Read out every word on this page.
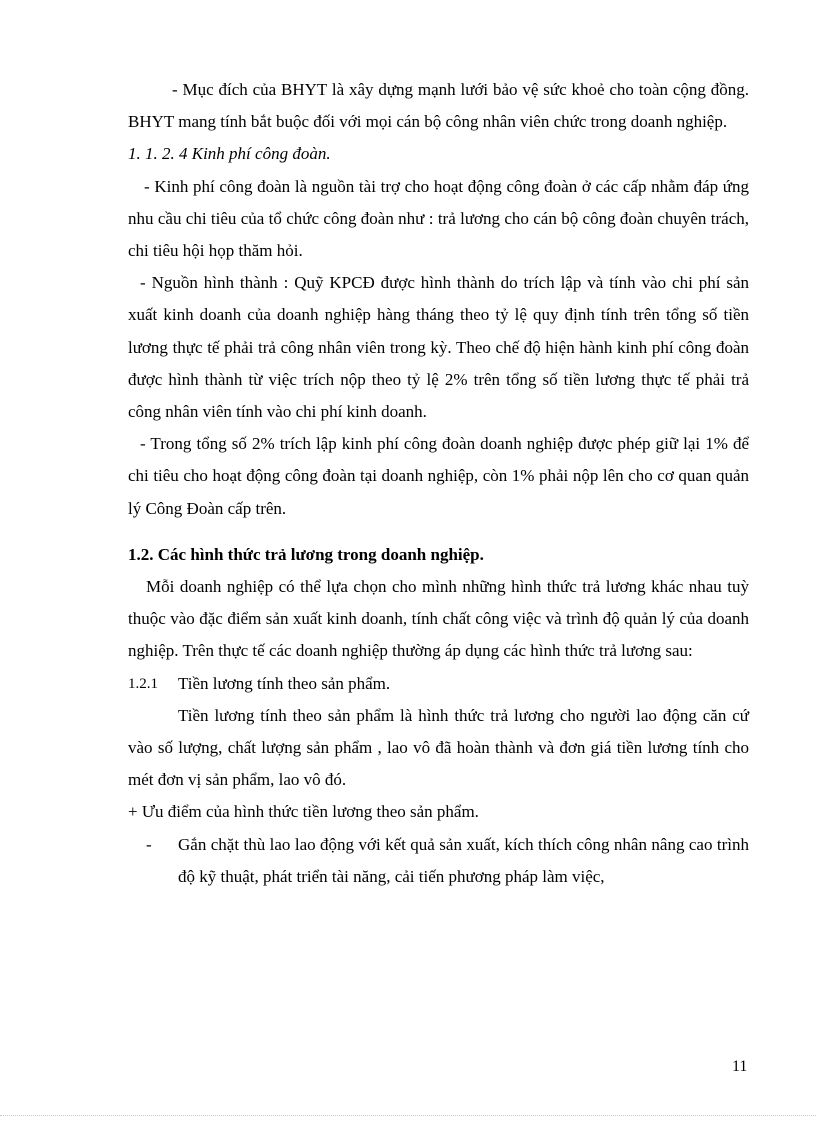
- Mục đích của BHYT là xây dựng mạnh lưới bảo vệ sức khoẻ cho toàn cộng đồng. BHYT mang tính bắt buộc đối với mọi cán bộ công nhân viên chức trong doanh nghiệp.

1. 1. 2. 4 Kinh phí công đoàn.

- Kinh phí công đoàn là nguồn tài trợ cho hoạt động công đoàn ở các cấp nhằm đáp ứng nhu cầu chi tiêu của tổ chức công đoàn như : trả lương cho cán bộ công đoàn chuyên trách, chi tiêu hội họp thăm hỏi.

- Nguồn hình thành : Quỹ KPCĐ được hình thành do trích lập và tính vào chi phí sản xuất kinh doanh của doanh nghiệp hàng tháng theo tỷ lệ quy định tính trên tổng số tiền lương thực tế phải trả công nhân viên trong kỳ. Theo chế độ hiện hành kinh phí công đoàn được hình thành từ việc trích nộp theo tỷ lệ 2% trên tổng số tiền lương thực tế phải trả công nhân viên tính vào chi phí kinh doanh.

- Trong tổng số 2% trích lập kinh phí công đoàn doanh nghiệp được phép giữ lại 1% để chi tiêu cho hoạt động công đoàn tại doanh nghiệp, còn 1% phải nộp lên cho cơ quan quản lý Công Đoàn cấp trên.

1.2. Các hình thức trả lương trong doanh nghiệp.

Mỗi doanh nghiệp có thể lựa chọn cho mình những hình thức trả lương khác nhau tuỳ thuộc vào đặc điểm sản xuất kinh doanh, tính chất công việc và trình độ quản lý của doanh nghiệp. Trên thực tế các doanh nghiệp thường áp dụng các hình thức trả lương sau:

1.2.1	Tiền lương tính theo sản phẩm.

Tiền lương tính theo sản phẩm là hình thức trả lương cho người lao động căn cứ vào số lượng, chất lượng sản phẩm , lao vô đã hoàn thành và đơn giá tiền lương tính cho mét đơn vị sản phẩm, lao vô đó.

+ Ưu điểm của hình thức tiền lương theo sản phẩm.

-	Gắn chặt thù lao lao động với kết quả sản xuất, kích thích công nhân nâng cao trình độ kỹ thuật, phát triển tài năng, cải tiến phương pháp làm việc,
11
